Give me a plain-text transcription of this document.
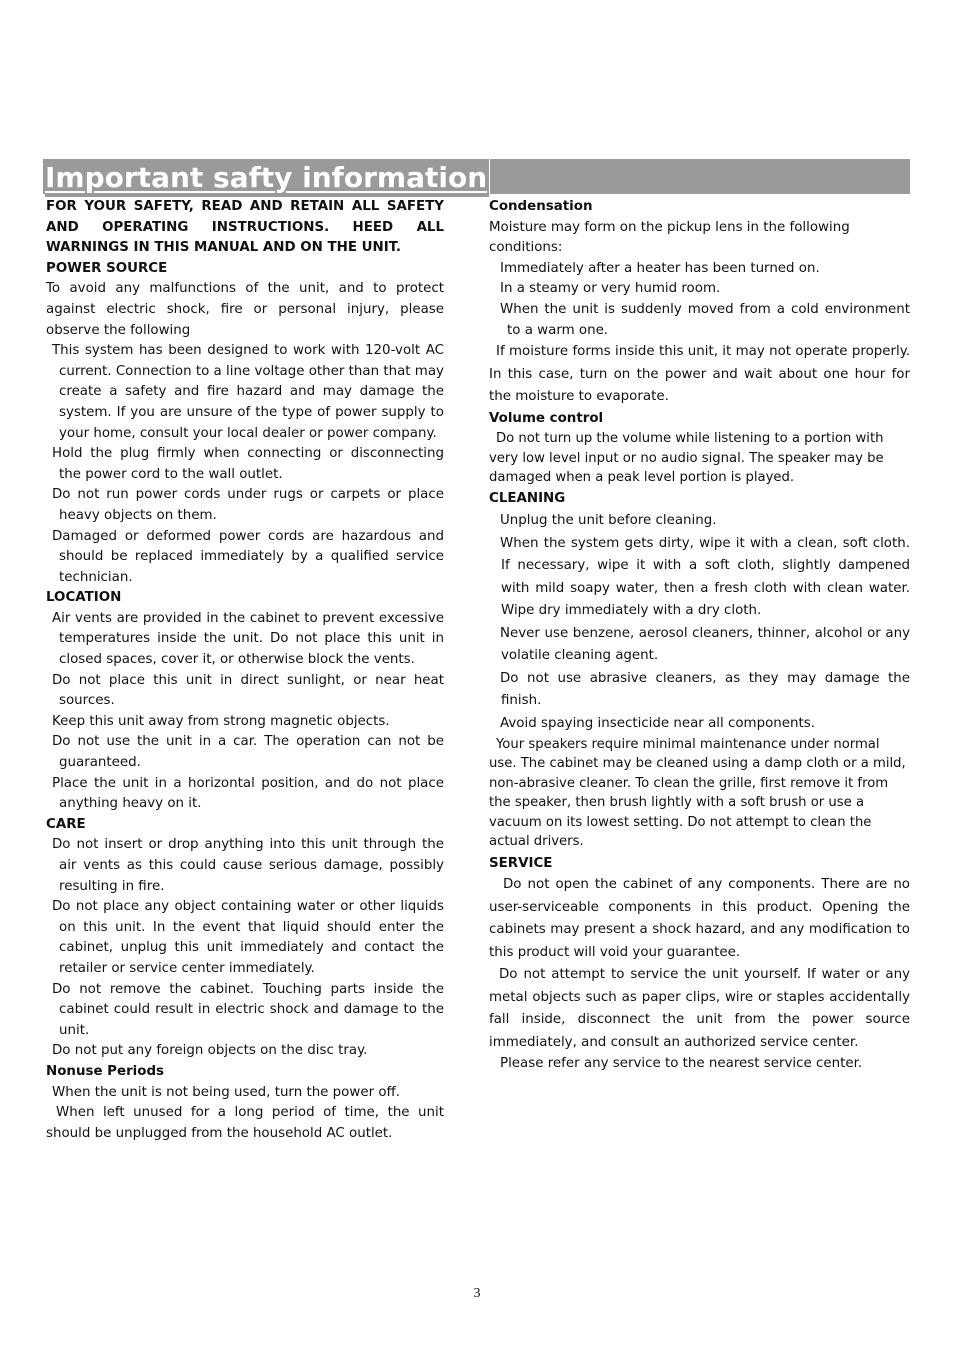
Important safty information
FOR YOUR SAFETY, READ AND RETAIN ALL SAFETY AND OPERATING INSTRUCTIONS. HEED ALL WARNINGS IN THIS MANUAL AND ON THE UNIT.
POWER SOURCE
To avoid any malfunctions of the unit, and to protect against electric shock, fire or personal injury, please observe the following

This system has been designed to work with 120-volt AC current. Connection to a line voltage other than that may create a safety and fire hazard and may damage the system. If you are unsure of the type of power supply to your home, consult your local dealer or power company.

Hold the plug firmly when connecting or disconnecting the power cord to the wall outlet.

Do not run power cords under rugs or carpets or place heavy objects on them.

Damaged or deformed power cords are hazardous and should be replaced immediately by a qualified service technician.

LOCATION

Air vents are provided in the cabinet to prevent excessive temperatures inside the unit. Do not place this unit in closed spaces, cover it, or otherwise block the vents.

Do not place this unit in direct sunlight, or near heat sources.

Keep this unit away from strong magnetic objects.

Do not use the unit in a car. The operation can not be guaranteed.

Place the unit in a horizontal position, and do not place anything heavy on it.

CARE

Do not insert or drop anything into this unit through the air vents as this could cause serious damage, possibly resulting in fire.

Do not place any object containing water or other liquids on this unit. In the event that liquid should enter the cabinet, unplug this unit immediately and contact the retailer or service center immediately.

Do not remove the cabinet. Touching parts inside the cabinet could result in electric shock and damage to the unit.

Do not put any foreign objects on the disc tray.

Nonuse Periods

When the unit is not being used, turn the power off.

When left unused for a long period of time, the unit should be unplugged from the household AC outlet.

Condensation
Moisture may form on the pickup lens in the following conditions:

Immediately after a heater has been turned on.

In a steamy or very humid room.

When the unit is suddenly moved from a cold environment to a warm one.

If moisture forms inside this unit, it may not operate properly. In this case, turn on the power and wait about one hour for the moisture to evaporate.

Volume control

Do not turn up the volume while listening to a portion with very low level input or no audio signal. The speaker may be damaged when a peak level portion is played.

CLEANING

Unplug the unit before cleaning.

When the system gets dirty, wipe it with a clean, soft cloth. If necessary, wipe it with a soft cloth, slightly dampened with mild soapy water, then a fresh cloth with clean water. Wipe dry immediately with a dry cloth.

Never use benzene, aerosol cleaners, thinner, alcohol or any volatile cleaning agent.

Do not use abrasive cleaners, as they may damage the finish.

Avoid spaying insecticide near all components.

Your speakers require minimal maintenance under normal use. The cabinet may be cleaned using a damp cloth or a mild, non-abrasive cleaner. To clean the grille, first remove it from the speaker, then brush lightly with a soft brush or use a vacuum on its lowest setting. Do not attempt to clean the actual drivers.

SERVICE

Do not open the cabinet of any components. There are no user-serviceable components in this product. Opening the cabinets may present a shock hazard, and any modification to this product will void your guarantee.

Do not attempt to service the unit yourself. If water or any metal objects such as paper clips, wire or staples accidentally fall inside, disconnect the unit from the power source immediately, and consult an authorized service center.

Please refer any service to the nearest service center.

3
